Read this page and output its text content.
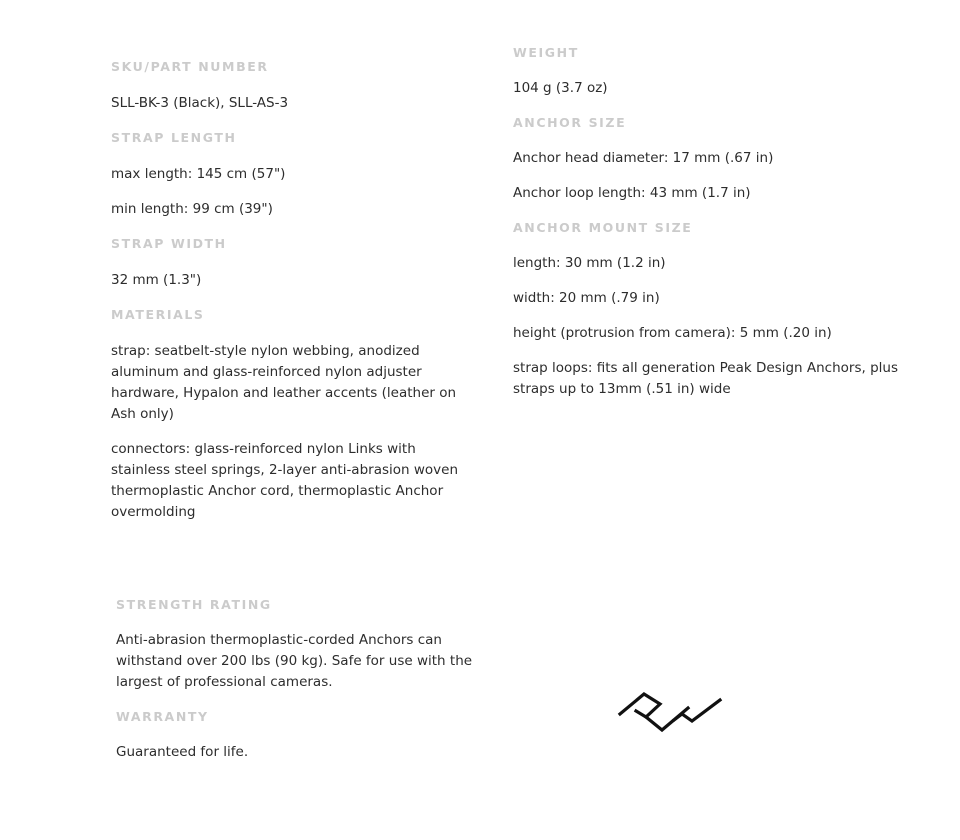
SKU/PART NUMBER
SLL-BK-3 (Black), SLL-AS-3
STRAP LENGTH
max length: 145 cm (57")
min length: 99 cm (39")
STRAP WIDTH
32 mm (1.3")
MATERIALS
strap: seatbelt-style nylon webbing, anodized aluminum and glass-reinforced nylon adjuster hardware, Hypalon and leather accents (leather on Ash only)
connectors: glass-reinforced nylon Links with stainless steel springs, 2-layer anti-abrasion woven thermoplastic Anchor cord, thermoplastic Anchor overmolding
WEIGHT
104 g (3.7 oz)
ANCHOR SIZE
Anchor head diameter: 17 mm (.67 in)
Anchor loop length: 43 mm (1.7 in)
ANCHOR MOUNT SIZE
length: 30 mm (1.2 in)
width: 20 mm (.79 in)
height (protrusion from camera): 5 mm (.20 in)
strap loops: fits all generation Peak Design Anchors, plus straps up to 13mm (.51 in) wide
STRENGTH RATING
Anti-abrasion thermoplastic-corded Anchors can withstand over 200 lbs (90 kg). Safe for use with the largest of professional cameras.
WARRANTY
Guaranteed for life.
